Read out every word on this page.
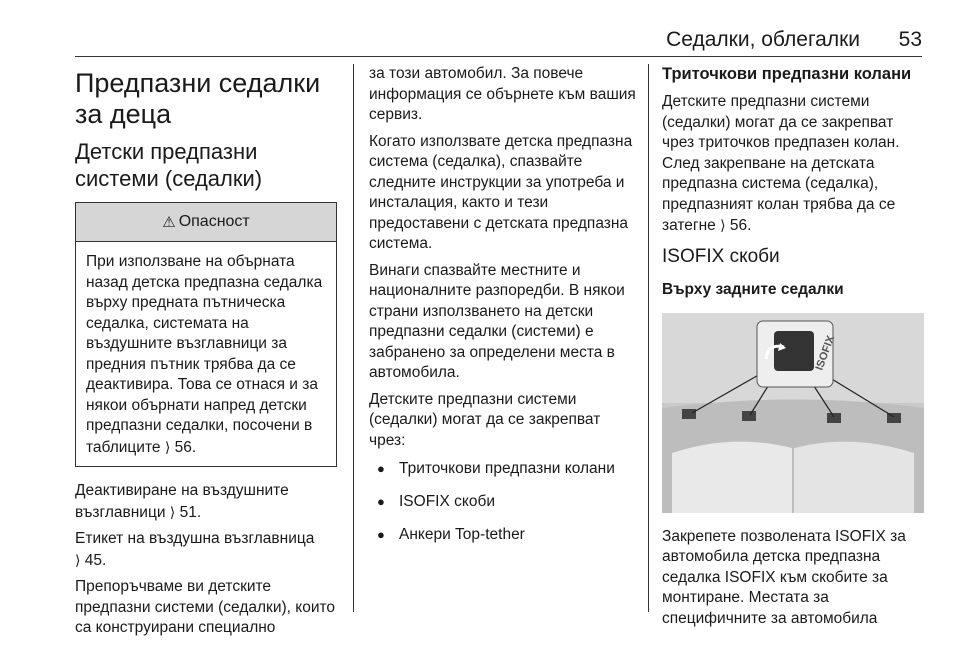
Седалки, облегалки 53
Предпазни седалки за деца
Детски предпазни системи (седалки)
⚠ Опасност
При използване на обърната назад детска предпазна седалка върху предната пътническа седалка, системата на въздушните възглавници за предния пътник трябва да се деактивира. Това се отнася и за някои обърнати напред детски предпазни седалки, посочени в таблиците ⟩ 56.

Деактивиране на въздушните възглавници ⟩ 51.

Етикет на въздушна възглавница
⟩ 45.

Препоръчваме ви детските предпазни системи (седалки), които са конструирани специално

за този автомобил. За повече информация се обърнете към вашия сервиз.

Когато използвате детска предпазна система (седалка), спазвайте следните инструкции за употреба и инсталация, както и тези предоставени с детската предпазна система.

Винаги спазвайте местните и националните разпоредби. В някои страни използването на детски предпазни седалки (системи) е забранено за определени места в автомобила.

Детските предпазни системи (седалки) могат да се закрепват чрез:

● Триточкови предпазни колани
● ISOFIX скоби
● Анкери Top-tether
Триточкови предпазни колани

Детските предпазни системи (седалки) могат да се закрепват чрез триточков предпазен колан. След закрепване на детската предпазна система (седалка), предпазният колан трябва да се затегне ⟩ 56.

ISOFIX скоби
Върху задните седалки
ISOFIX

Закрепете позволената ISOFIX за автомобила детска предпазна седалка ISOFIX към скобите за монтиране. Местата за специфичните за автомобила
